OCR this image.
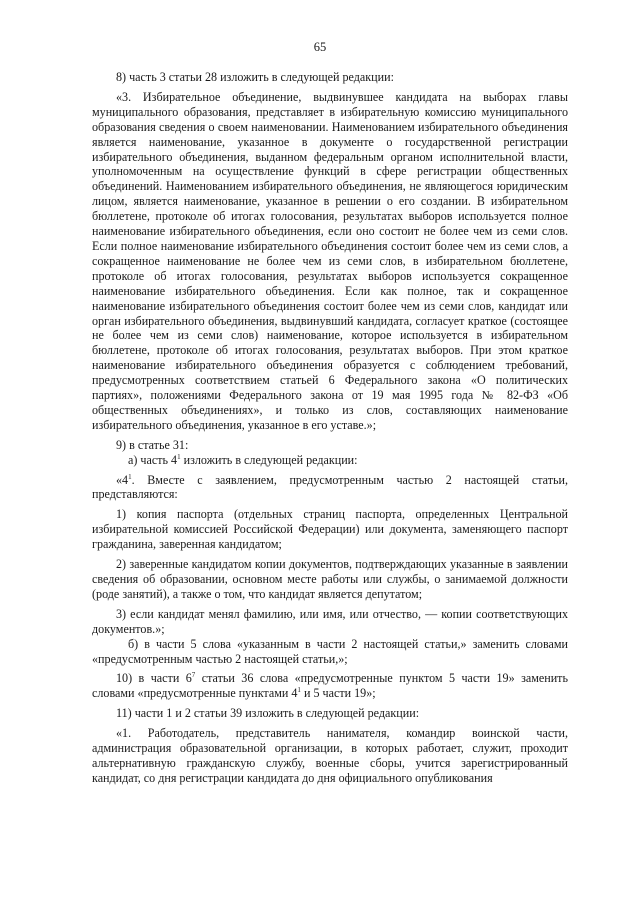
65

8) часть 3 статьи 28 изложить в следующей редакции:

«3. Избирательное объединение, выдвинувшее кандидата на выборах главы муниципального образования, представляет в избирательную комиссию муниципального образования сведения о своем наименовании. Наименованием избирательного объединения является наименование, указанное в документе о государственной регистрации избирательного объединения, выданном федеральным органом исполнительной власти, уполномоченным на осуществление функций в сфере регистрации общественных объединений. Наименованием избирательного объединения, не являющегося юридическим лицом, является наименование, указанное в решении о его создании. В избирательном бюллетене, протоколе об итогах голосования, результатах выборов используется полное наименование избирательного объединения, если оно состоит не более чем из семи слов. Если полное наименование избирательного объединения состоит более чем из семи слов, а сокращенное наименование не более чем из семи слов, в избирательном бюллетене, протоколе об итогах голосования, результатах выборов используется сокращенное наименование избирательного объединения. Если как полное, так и сокращенное наименование избирательного объединения состоит более чем из семи слов, кандидат или орган избирательного объединения, выдвинувший кандидата, согласует краткое (состоящее не более чем из семи слов) наименование, которое используется в избирательном бюллетене, протоколе об итогах голосования, результатах выборов. При этом краткое наименование избирательного объединения образуется с соблюдением требований, предусмотренных соответствием статьей 6 Федерального закона «О политических партиях», положениями Федерального закона от 19 мая 1995 года № 82-ФЗ «Об общественных объединениях», и только из слов, составляющих наименование избирательного объединения, указанное в его уставе.»;

9) в статье 31:

а) часть $4^1$ изложить в следующей редакции:

«$4^1$. Вместе с заявлением, предусмотренным частью 2 настоящей статьи, представляются:

1) копия паспорта (отдельных страниц паспорта, определенных Центральной избирательной комиссией Российской Федерации) или документа, заменяющего паспорт гражданина, заверенная кандидатом;

2) заверенные кандидатом копии документов, подтверждающих указанные в заявлении сведения об образовании, основном месте работы или службы, о занимаемой должности (роде занятий), а также о том, что кандидат является депутатом;

3) если кандидат менял фамилию, или имя, или отчество, — копии соответствующих документов.»;

б) в части 5 слова «указанным в части 2 настоящей статьи,» заменить словами «предусмотренным частью 2 настоящей статьи,»;

10) в части $6^7$ статьи 36 слова «предусмотренные пунктом 5 части 19» заменить словами «предусмотренные пунктами $4^1$ и 5 части 19»;

11) части 1 и 2 статьи 39 изложить в следующей редакции:

«1. Работодатель, представитель нанимателя, командир воинской части, администрация образовательной организации, в которых работает, служит, проходит альтернативную гражданскую службу, военные сборы, учится зарегистрированный кандидат, со дня регистрации кандидата до дня официального опубликования
